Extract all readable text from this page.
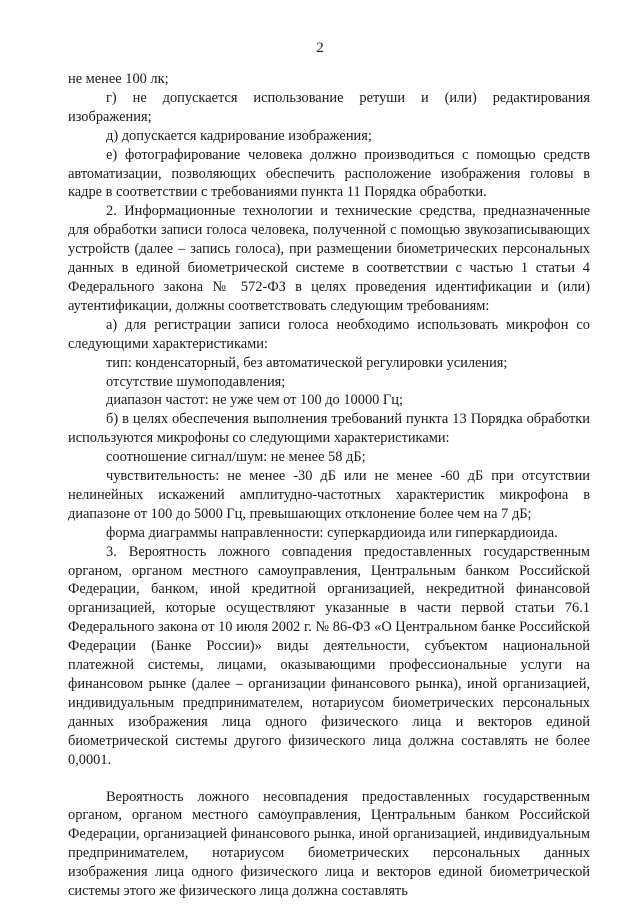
2

не менее 100 лк;

г) не допускается использование ретуши и (или) редактирования изображения;

д) допускается кадрирование изображения;

е) фотографирование человека должно производиться с помощью средств автоматизации, позволяющих обеспечить расположение изображения головы в кадре в соответствии с требованиями пункта 11 Порядка обработки.

2. Информационные технологии и технические средства, предназначенные для обработки записи голоса человека, полученной с помощью звукозаписывающих устройств (далее – запись голоса), при размещении биометрических персональных данных в единой биометрической системе в соответствии с частью 1 статьи 4 Федерального закона № 572-ФЗ в целях проведения идентификации и (или) аутентификации, должны соответствовать следующим требованиям:

а) для регистрации записи голоса необходимо использовать микрофон со следующими характеристиками:

тип: конденсаторный, без автоматической регулировки усиления;

отсутствие шумоподавления;

диапазон частот: не уже чем от 100 до 10000 Гц;

б) в целях обеспечения выполнения требований пункта 13 Порядка обработки используются микрофоны со следующими характеристиками:

соотношение сигнал/шум: не менее 58 дБ;

чувствительность: не менее -30 дБ или не менее -60 дБ при отсутствии нелинейных искажений амплитудно-частотных характеристик микрофона в диапазоне от 100 до 5000 Гц, превышающих отклонение более чем на 7 дБ;

форма диаграммы направленности: суперкардиоида или гиперкардиоида.

3. Вероятность ложного совпадения предоставленных государственным органом, органом местного самоуправления, Центральным банком Российской Федерации, банком, иной кредитной организацией, некредитной финансовой организацией, которые осуществляют указанные в части первой статьи 76.1 Федерального закона от 10 июля 2002 г. № 86-ФЗ «О Центральном банке Российской Федерации (Банке России)» виды деятельности, субъектом национальной платежной системы, лицами, оказывающими профессиональные услуги на финансовом рынке (далее – организации финансового рынка), иной организацией, индивидуальным предпринимателем, нотариусом биометрических персональных данных изображения лица одного физического лица и векторов единой биометрической системы другого физического лица должна составлять не более 0,0001.

Вероятность ложного несовпадения предоставленных государственным органом, органом местного самоуправления, Центральным банком Российской Федерации, организацией финансового рынка, иной организацией, индивидуальным предпринимателем, нотариусом биометрических персональных данных изображения лица одного физического лица и векторов единой биометрической системы этого же физического лица должна составлять
